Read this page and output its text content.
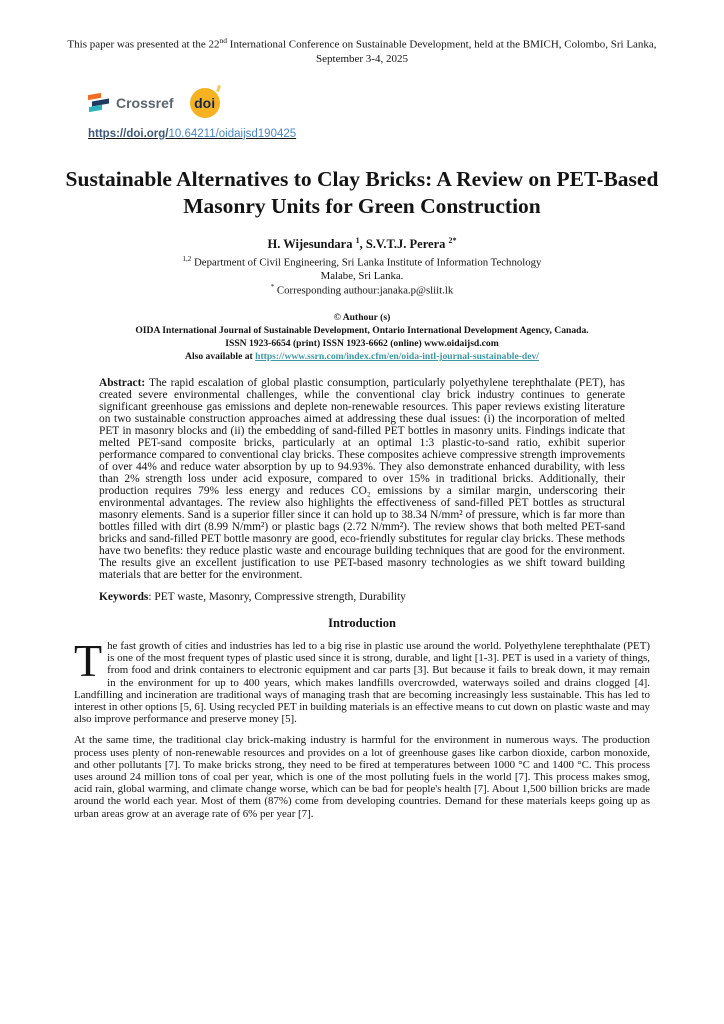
This paper was presented at the 22nd International Conference on Sustainable Development, held at the BMICH, Colombo, Sri Lanka, September 3-4, 2025
Crossref doi
https://doi.org/10.64211/oidaijsd190425
Sustainable Alternatives to Clay Bricks: A Review on PET-Based Masonry Units for Green Construction
H. Wijesundara $^1$, S.V.T.J. Perera $^{2*}$
$^{1,2}$ Department of Civil Engineering, Sri Lanka Institute of Information Technology
Malabe, Sri Lanka.
* Corresponding authour:janaka.p@sliit.lk
© Authour (s)
OIDA International Journal of Sustainable Development, Ontario International Development Agency, Canada.
ISSN 1923-6654 (print) ISSN 1923-6662 (online) www.oidaijsd.com
Also available at https://www.ssrn.com/index.cfm/en/oida-intl-journal-sustainable-dev/

Abstract: The rapid escalation of global plastic consumption, particularly polyethylene terephthalate (PET), has created severe environmental challenges, while the conventional clay brick industry continues to generate significant greenhouse gas emissions and deplete non-renewable resources. This paper reviews existing literature on two sustainable construction approaches aimed at addressing these dual issues: (i) the incorporation of melted PET in masonry blocks and (ii) the embedding of sand-filled PET bottles in masonry units. Findings indicate that melted PET-sand composite bricks, particularly at an optimal 1:3 plastic-to-sand ratio, exhibit superior performance compared to conventional clay bricks. These composites achieve compressive strength improvements of over 44% and reduce water absorption by up to 94.93%. They also demonstrate enhanced durability, with less than 2% strength loss under acid exposure, compared to over 15% in traditional bricks. Additionally, their production requires 79% less energy and reduces CO₂ emissions by a similar margin, underscoring their environmental advantages. The review also highlights the effectiveness of sand-filled PET bottles as structural masonry elements. Sand is a superior filler since it can hold up to 38.34 N/mm² of pressure, which is far more than bottles filled with dirt (8.99 N/mm²) or plastic bags (2.72 N/mm²). The review shows that both melted PET-sand bricks and sand-filled PET bottle masonry are good, eco-friendly substitutes for regular clay bricks. These methods have two benefits: they reduce plastic waste and encourage building techniques that are good for the environment. The results give an excellent justification to use PET-based masonry technologies as we shift toward building materials that are better for the environment.

Keywords: PET waste, Masonry, Compressive strength, Durability

Introduction

The fast growth of cities and industries has led to a big rise in plastic use around the world. Polyethylene terephthalate (PET) is one of the most frequent types of plastic used since it is strong, durable, and light [1-3]. PET is used in a variety of things, from food and drink containers to electronic equipment and car parts [3]. But because it fails to break down, it may remain in the environment for up to 400 years, which makes landfills overcrowded, waterways soiled and drains clogged [4]. Landfilling and incineration are traditional ways of managing trash that are becoming increasingly less sustainable. This has led to interest in other options [5, 6]. Using recycled PET in building materials is an effective means to cut down on plastic waste and may also improve performance and preserve money [5].

At the same time, the traditional clay brick-making industry is harmful for the environment in numerous ways. The production process uses plenty of non-renewable resources and provides on a lot of greenhouse gases like carbon dioxide, carbon monoxide, and other pollutants [7]. To make bricks strong, they need to be fired at temperatures between 1000 °C and 1400 °C. This process uses around 24 million tons of coal per year, which is one of the most polluting fuels in the world [7]. This process makes smog, acid rain, global warming, and climate change worse, which can be bad for people's health [7]. About 1,500 billion bricks are made around the world each year. Most of them (87%) come from developing countries. Demand for these materials keeps going up as urban areas grow at an average rate of 6% per year [7].
